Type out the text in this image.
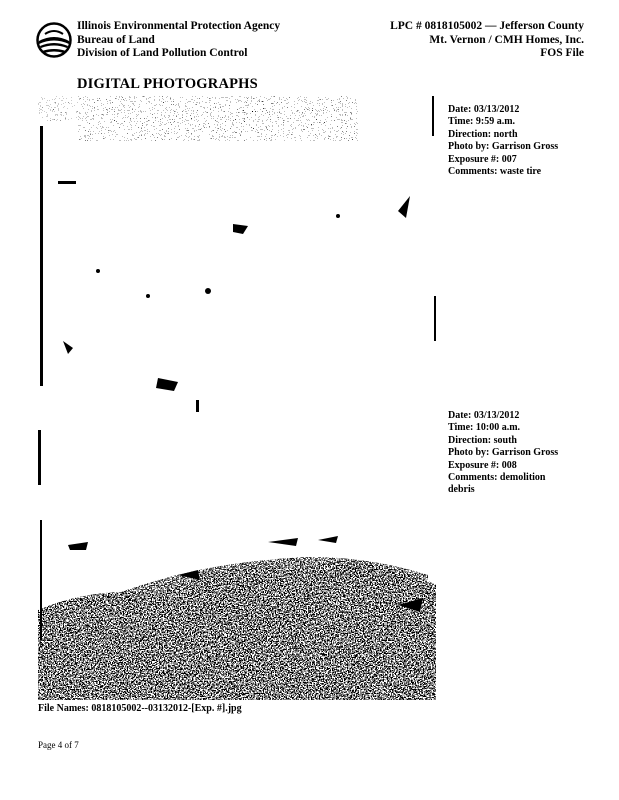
Illinois Environmental Protection Agency
Bureau of Land
Division of Land Pollution Control
LPC # 0818105002 — Jefferson County
Mt. Vernon / CMH Homes, Inc.
FOS File
DIGITAL PHOTOGRAPHS
Date: 03/13/2012
Time: 9:59 a.m.
Direction: north
Photo by: Garrison Gross
Exposure #: 007
Comments: waste tire
Date: 03/13/2012
Time: 10:00 a.m.
Direction: south
Photo by: Garrison Gross
Exposure #: 008
Comments: demolition
debris
File Names: 0818105002--03132012-[Exp. #].jpg
Page 4 of 7
